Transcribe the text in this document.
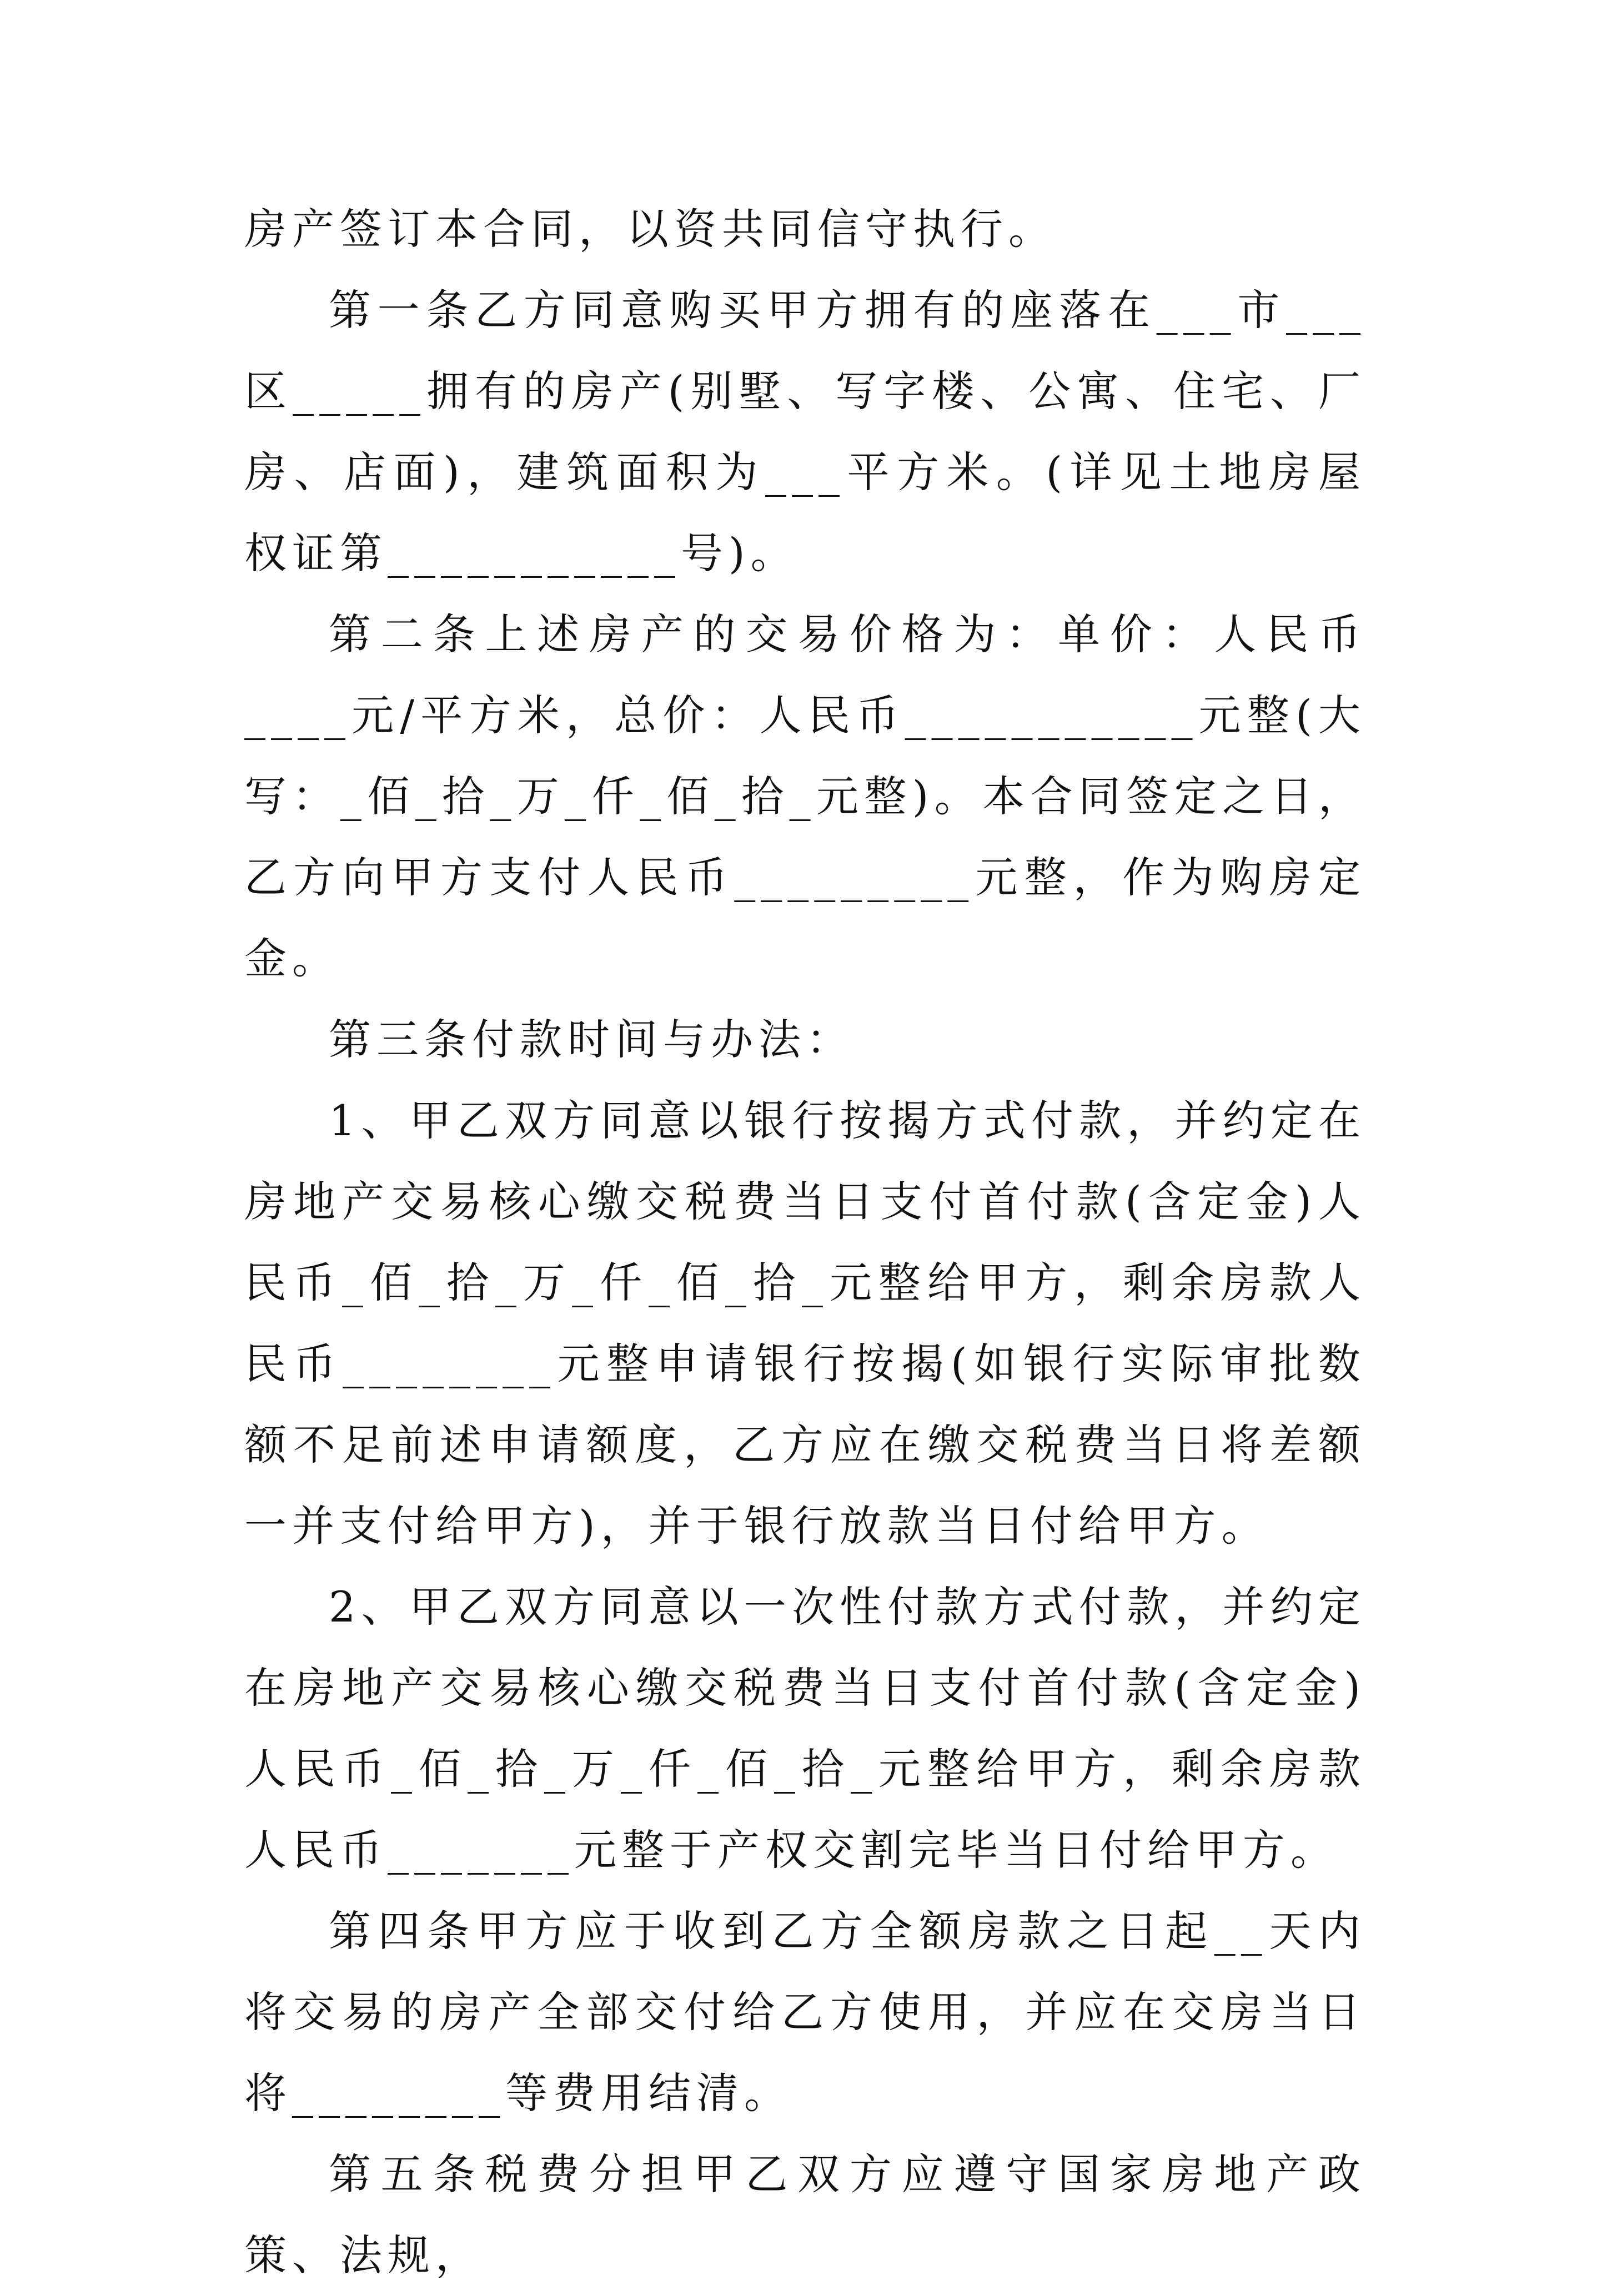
房产签订本合同，以资共同信守执行。

第一条乙方同意购买甲方拥有的座落在___市___区_____拥有的房产(别墅、写字楼、公寓、住宅、厂房、店面)，建筑面积为___平方米。(详见土地房屋权证第___________号)。

第二条上述房产的交易价格为：单价：人民币____元/平方米，总价：人民币___________元整(大写：_佰_拾_万_仟_佰_拾_元整)。本合同签定之日，乙方向甲方支付人民币_________元整，作为购房定金。

第三条付款时间与办法：

1、甲乙双方同意以银行按揭方式付款，并约定在房地产交易核心缴交税费当日支付首付款(含定金)人民币_佰_拾_万_仟_佰_拾_元整给甲方，剩余房款人民币________元整申请银行按揭(如银行实际审批数额不足前述申请额度，乙方应在缴交税费当日将差额一并支付给甲方)，并于银行放款当日付给甲方。

2、甲乙双方同意以一次性付款方式付款，并约定在房地产交易核心缴交税费当日支付首付款(含定金)人民币_佰_拾_万_仟_佰_拾_元整给甲方，剩余房款人民币_______元整于产权交割完毕当日付给甲方。

第四条甲方应于收到乙方全额房款之日起__天内将交易的房产全部交付给乙方使用，并应在交房当日将________等费用结清。

第五条税费分担甲乙双方应遵守国家房地产政策、法规，
